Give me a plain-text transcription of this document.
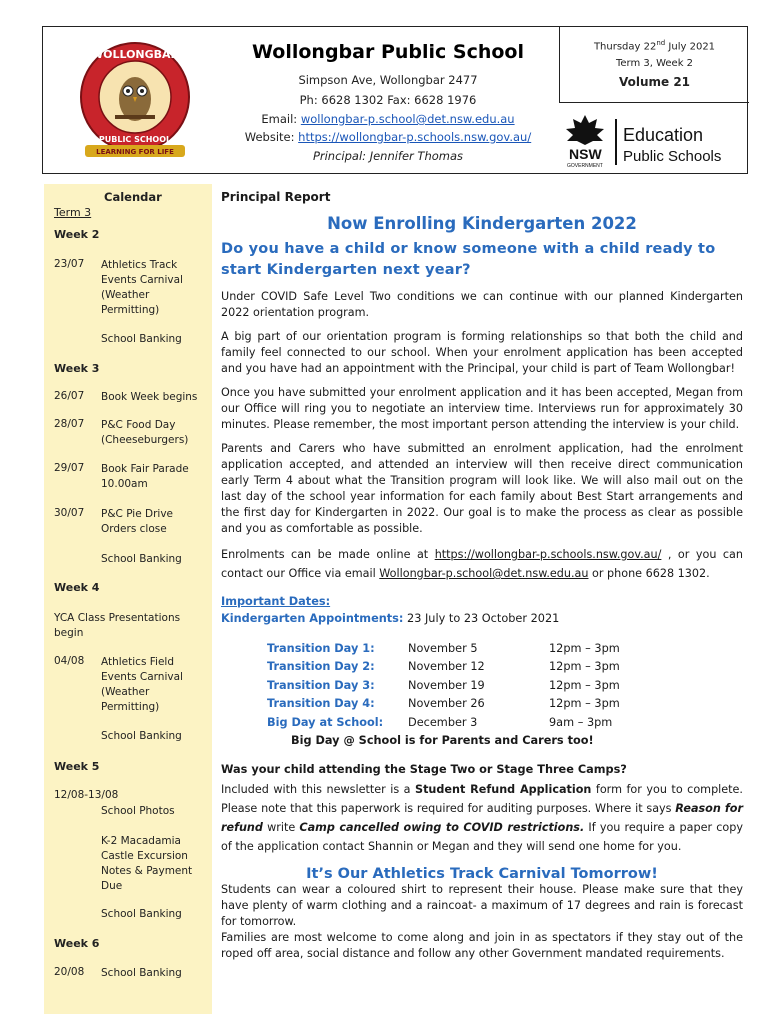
WOLLONGBAR
PUBLIC SCHOOL
LEARNING FOR LIFE
Wollongbar Public School
Simpson Ave, Wollongbar 2477
Ph: 6628 1302 Fax: 6628 1976
Email: wollongbar-p.school@det.nsw.edu.au
Website: https://wollongbar-p.schools.nsw.gov.au/
Principal: Jennifer Thomas
Thursday 22nd July 2021
Term 3, Week 2
Volume 21
NSW
GOVERNMENT
Education
Public Schools
Calendar
Term 3
Week 2
23/07 Athletics Track Events Carnival (Weather Permitting)
School Banking
Week 3
26/07 Book Week begins
28/07 P&C Food Day (Cheeseburgers)
29/07 Book Fair Parade 10.00am
30/07 P&C Pie Drive Orders close
School Banking
Week 4
YCA Class Presentations begin
04/08 Athletics Field Events Carnival (Weather Permitting)
School Banking
Week 5
12/08-13/08
School Photos
K-2 Macadamia Castle Excursion Notes & Payment Due
School Banking
Week 6
20/08 School Banking
Principal Report
Now Enrolling Kindergarten 2022
Do you have a child or know someone with a child ready to start Kindergarten next year?

Under COVID Safe Level Two conditions we can continue with our planned Kindergarten 2022 orientation program.

A big part of our orientation program is forming relationships so that both the child and family feel connected to our school. When your enrolment application has been accepted and you have had an appointment with the Principal, your child is part of Team Wollongbar!

Once you have submitted your enrolment application and it has been accepted, Megan from our Office will ring you to negotiate an interview time. Interviews run for approximately 30 minutes. Please remember, the most important person attending the interview is your child.

Parents and Carers who have submitted an enrolment application, had the enrolment application accepted, and attended an interview will then receive direct communication early Term 4 about what the Transition program will look like. We will also mail out on the last day of the school year information for each family about Best Start arrangements and the first day for Kindergarten in 2022. Our goal is to make the process as clear as possible and you as comfortable as possible.

Enrolments can be made online at https://wollongbar-p.schools.nsw.gov.au/ , or you can contact our Office via email Wollongbar-p.school@det.nsw.edu.au or phone 6628 1302.

Important Dates:
Kindergarten Appointments: 23 July to 23 October 2021
Transition Day 1:	November 5	12pm – 3pm
Transition Day 2:	November 12	12pm – 3pm
Transition Day 3:	November 19	12pm – 3pm
Transition Day 4:	November 26	12pm – 3pm
Big Day at School:	December 3	9am – 3pm
Big Day @ School is for Parents and Carers too!
Was your child attending the Stage Two or Stage Three Camps?

Included with this newsletter is a Student Refund Application form for you to complete. Please note that this paperwork is required for auditing purposes. Where it says Reason for refund write Camp cancelled owing to COVID restrictions. If you require a paper copy of the application contact Shannin or Megan and they will send one home for you.

It’s Our Athletics Track Carnival Tomorrow!

Students can wear a coloured shirt to represent their house. Please make sure that they have plenty of warm clothing and a raincoat- a maximum of 17 degrees and rain is forecast for tomorrow.

Families are most welcome to come along and join in as spectators if they stay out of the roped off area, social distance and follow any other Government mandated requirements.
